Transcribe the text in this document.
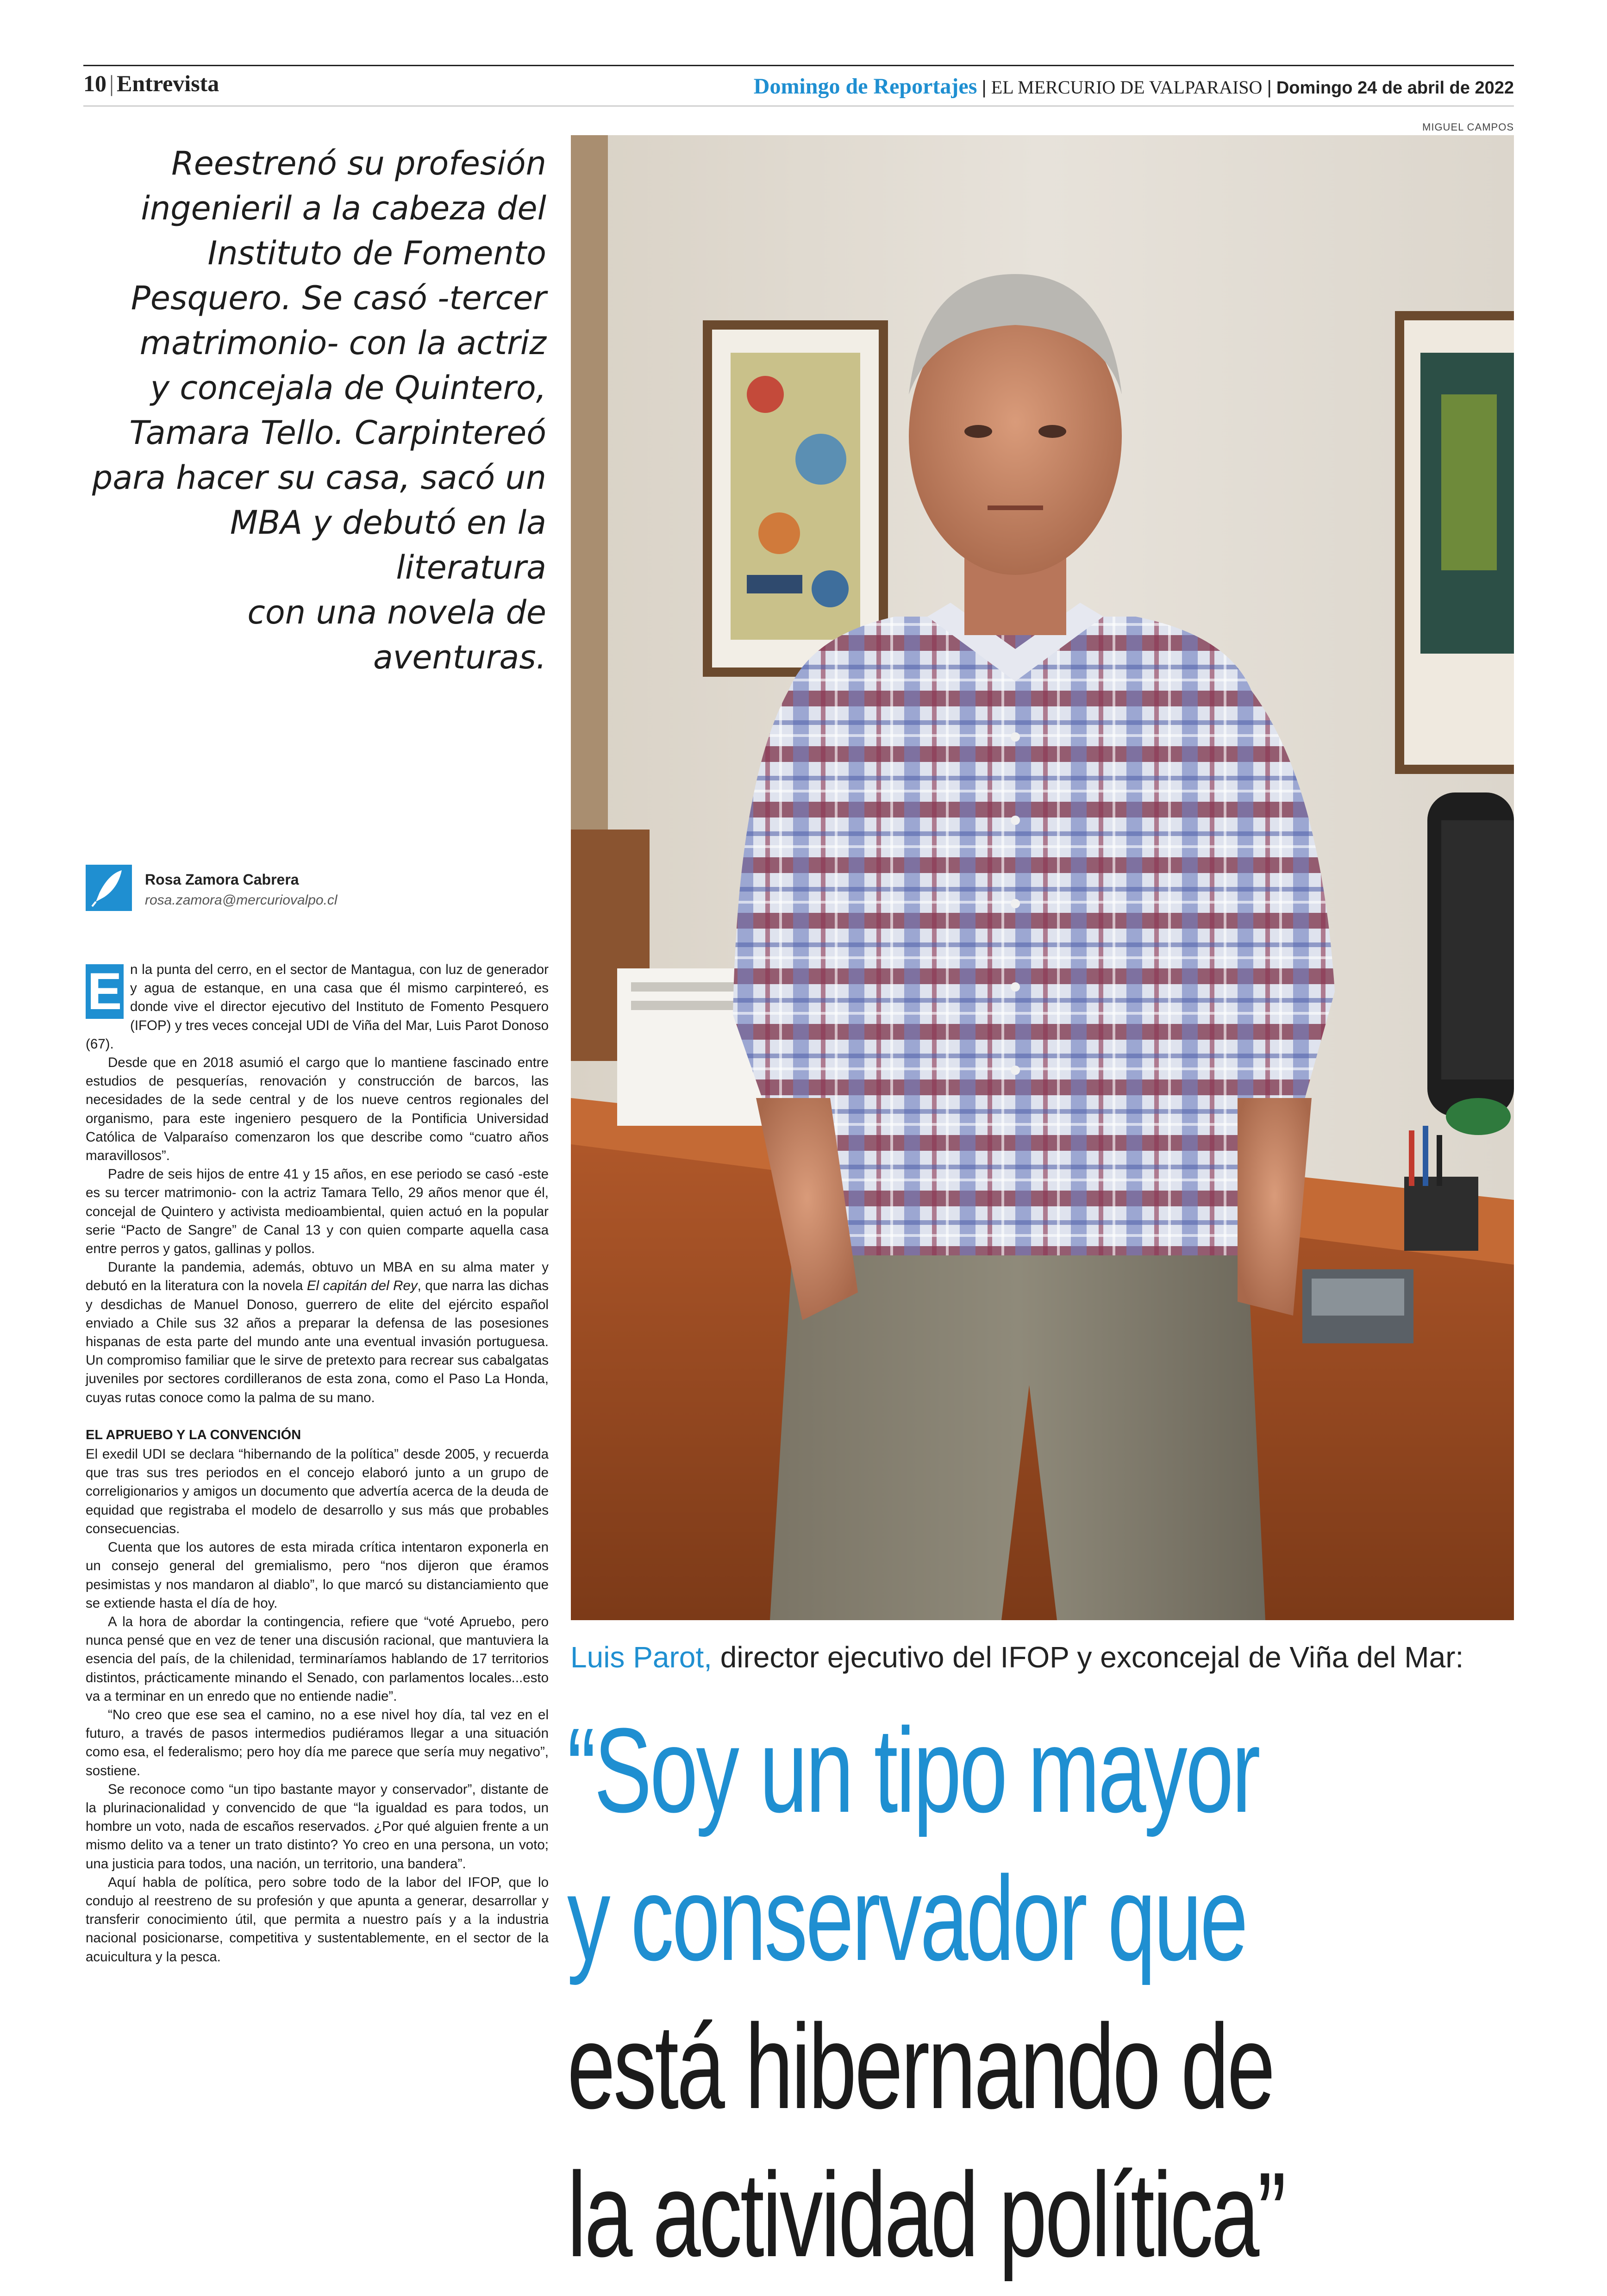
10 | Entrevista	Domingo de Reportajes | EL MERCURIO DE VALPARAISO | Domingo 24 de abril de 2022
MIGUEL CAMPOS
Reestrenó su profesión
ingenieril a la cabeza del
Instituto de Fomento
Pesquero. Se casó -tercer
matrimonio- con la actriz
y concejala de Quintero,
Tamara Tello. Carpintereó
para hacer su casa, sacó un
MBA y debutó en la literatura
con una novela de aventuras.
Rosa Zamora Cabrera
rosa.zamora@mercuriovalpo.cl

E n la punta del cerro, en el sector de Mantagua, con luz de generador y agua de estanque, en una casa que él mismo carpintereó, es donde vive el director ejecutivo del Instituto de Fomento Pesquero (IFOP) y tres veces concejal UDI de Viña del Mar, Luis Parot Donoso (67).

Desde que en 2018 asumió el cargo que lo mantiene fascinado entre estudios de pesquerías, renovación y construcción de barcos, las necesidades de la sede central y de los nueve centros regionales del organismo, para este ingeniero pesquero de la Pontificia Universidad Católica de Valparaíso comenzaron los que describe como “cuatro años maravillosos”.

Padre de seis hijos de entre 41 y 15 años, en ese periodo se casó -este es su tercer matrimonio- con la actriz Tamara Tello, 29 años menor que él, concejal de Quintero y activista medioambiental, quien actuó en la popular serie “Pacto de Sangre” de Canal 13 y con quien comparte aquella casa entre perros y gatos, gallinas y pollos.

Durante la pandemia, además, obtuvo un MBA en su alma mater y debutó en la literatura con la novela El capitán del Rey, que narra las dichas y desdichas de Manuel Donoso, guerrero de elite del ejército español enviado a Chile sus 32 años a preparar la defensa de las posesiones hispanas de esta parte del mundo ante una eventual invasión portuguesa. Un compromiso familiar que le sirve de pretexto para recrear sus cabalgatas juveniles por sectores cordilleranos de esta zona, como el Paso La Honda, cuyas rutas conoce como la palma de su mano.

EL APRUEBO Y LA CONVENCIÓN

El exedil UDI se declara “hibernando de la política” desde 2005, y recuerda que tras sus tres periodos en el concejo elaboró junto a un grupo de correligionarios y amigos un documento que advertía acerca de la deuda de equidad que registraba el modelo de desarrollo y sus más que probables consecuencias.

Cuenta que los autores de esta mirada crítica intentaron exponerla en un consejo general del gremialismo, pero “nos dijeron que éramos pesimistas y nos mandaron al diablo”, lo que marcó su distanciamiento que se extiende hasta el día de hoy.

A la hora de abordar la contingencia, refiere que “voté Apruebo, pero nunca pensé que en vez de tener una discusión racional, que mantuviera la esencia del país, de la chilenidad, terminaríamos hablando de 17 territorios distintos, prácticamente minando el Senado, con parlamentos locales...esto va a terminar en un enredo que no entiende nadie”.

“No creo que ese sea el camino, no a ese nivel hoy día, tal vez en el futuro, a través de pasos intermedios pudiéramos llegar a una situación como esa, el federalismo; pero hoy día me parece que sería muy negativo”, sostiene.

Se reconoce como “un tipo bastante mayor y conservador”, distante de la plurinacionalidad y convencido de que “la igualdad es para todos, un hombre un voto, nada de escaños reservados. ¿Por qué alguien frente a un mismo delito va a tener un trato distinto? Yo creo en una persona, un voto; una justicia para todos, una nación, un territorio, una bandera”.

Aquí habla de política, pero sobre todo de la labor del IFOP, que lo condujo al reestreno de su profesión y que apunta a generar, desarrollar y transferir conocimiento útil, que permita a nuestro país y a la industria nacional posicionarse, competitiva y sustentablemente, en el sector de la acuicultura y la pesca.

Luis Parot, director ejecutivo del IFOP y exconcejal de Viña del Mar:
“Soy un tipo mayor
y conservador que
está hibernando de
la actividad política”
